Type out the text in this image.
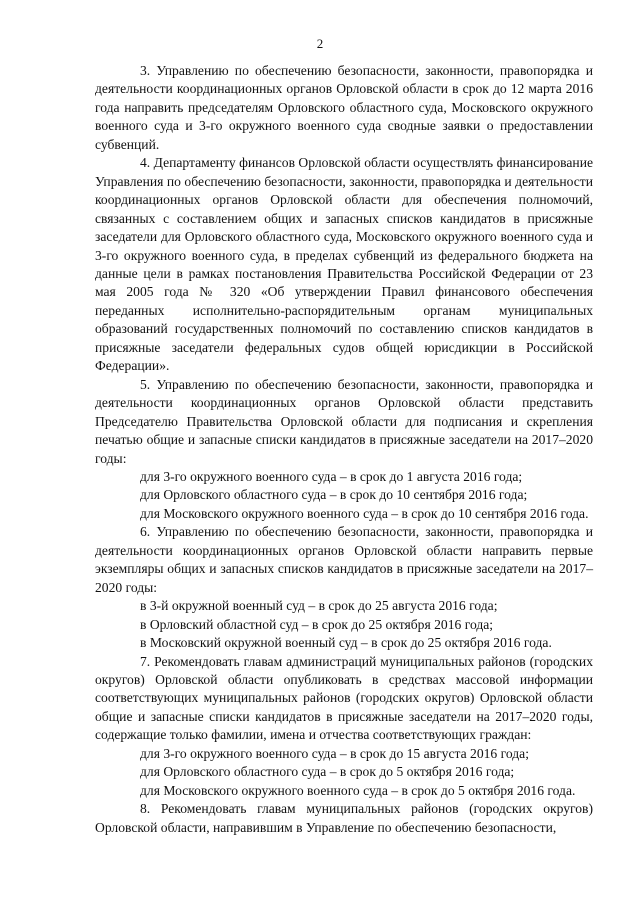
2

3. Управлению по обеспечению безопасности, законности, правопорядка и деятельности координационных органов Орловской области в срок до 12 марта 2016 года направить председателям Орловского областного суда, Московского окружного военного суда и 3-го окружного военного суда сводные заявки о предоставлении субвенций.

4. Департаменту финансов Орловской области осуществлять финансирование Управления по обеспечению безопасности, законности, правопорядка и деятельности координационных органов Орловской области для обеспечения полномочий, связанных с составлением общих и запасных списков кандидатов в присяжные заседатели для Орловского областного суда, Московского окружного военного суда и 3-го окружного военного суда, в пределах субвенций из федерального бюджета на данные цели в рамках постановления Правительства Российской Федерации от 23 мая 2005 года № 320 «Об утверждении Правил финансового обеспечения переданных исполнительно-распорядительным органам муниципальных образований государственных полномочий по составлению списков кандидатов в присяжные заседатели федеральных судов общей юрисдикции в Российской Федерации».

5. Управлению по обеспечению безопасности, законности, правопорядка и деятельности координационных органов Орловской области представить Председателю Правительства Орловской области для подписания и скрепления печатью общие и запасные списки кандидатов в присяжные заседатели на 2017–2020 годы:

для 3-го окружного военного суда – в срок до 1 августа 2016 года;

для Орловского областного суда – в срок до 10 сентября 2016 года;

для Московского окружного военного суда – в срок до 10 сентября 2016 года.

6. Управлению по обеспечению безопасности, законности, правопорядка и деятельности координационных органов Орловской области направить первые экземпляры общих и запасных списков кандидатов в присяжные заседатели на 2017–2020 годы:

в 3-й окружной военный суд – в срок до 25 августа 2016 года;

в Орловский областной суд – в срок до 25 октября 2016 года;

в Московский окружной военный суд – в срок до 25 октября 2016 года.

7. Рекомендовать главам администраций муниципальных районов (городских округов) Орловской области опубликовать в средствах массовой информации соответствующих муниципальных районов (городских округов) Орловской области общие и запасные списки кандидатов в присяжные заседатели на 2017–2020 годы, содержащие только фамилии, имена и отчества соответствующих граждан:

для 3-го окружного военного суда – в срок до 15 августа 2016 года;

для Орловского областного суда – в срок до 5 октября 2016 года;

для Московского окружного военного суда – в срок до 5 октября 2016 года.

8. Рекомендовать главам муниципальных районов (городских округов) Орловской области, направившим в Управление по обеспечению безопасности,
